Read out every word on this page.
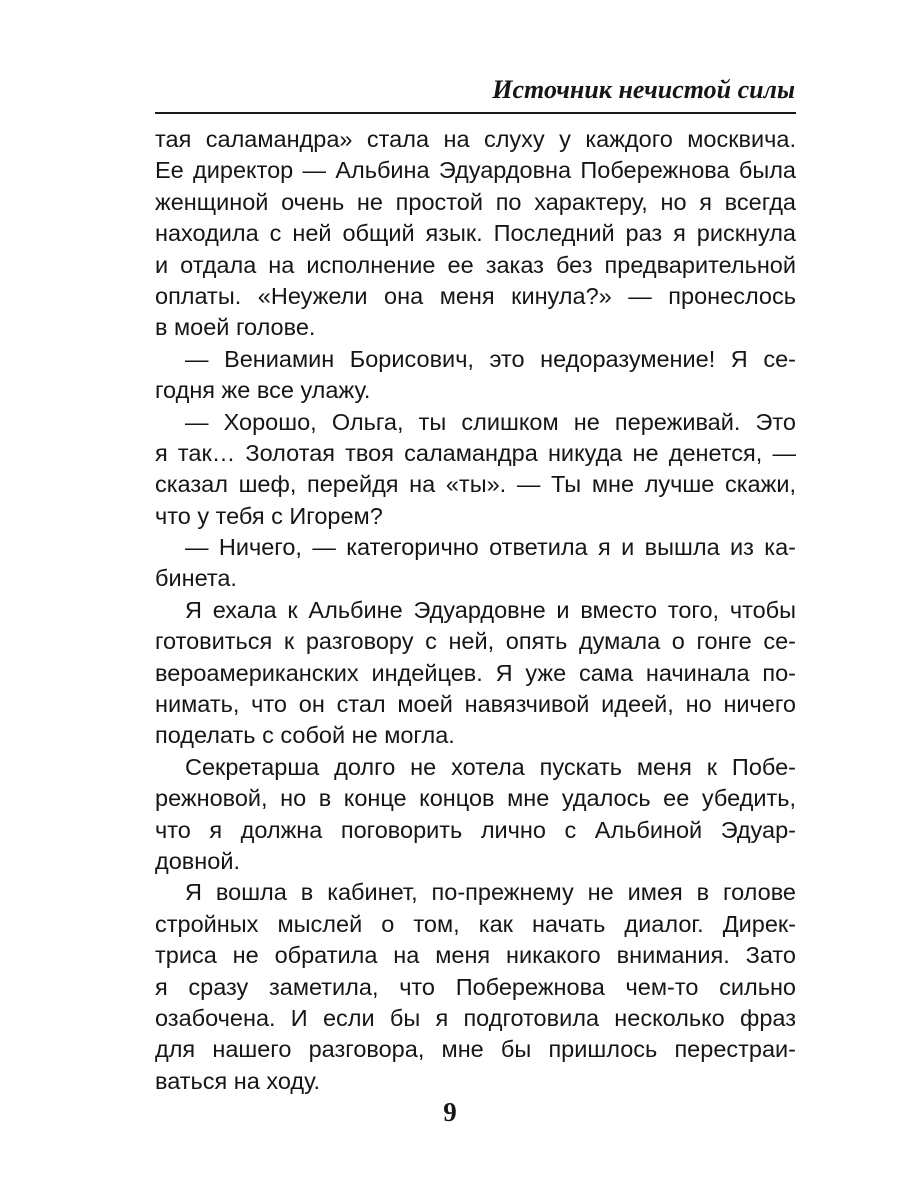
Источник нечистой силы
тая саламандра» стала на слуху у каждого москвича.
Ее директор — Альбина Эдуардовна Побережнова была
женщиной очень не простой по характеру, но я всегда
находила с ней общий язык. Последний раз я рискнула
и отдала на исполнение ее заказ без предварительной
оплаты. «Неужели она меня кинула?» — пронеслось
в моей голове.
— Вениамин Борисович, это недоразумение! Я се-
годня же все улажу.
— Хорошо, Ольга, ты слишком не переживай. Это
я так… Золотая твоя саламандра никуда не денется, —
сказал шеф, перейдя на «ты». — Ты мне лучше скажи,
что у тебя с Игорем?
— Ничего, — категорично ответила я и вышла из ка-
бинета.
Я ехала к Альбине Эдуардовне и вместо того, чтобы
готовиться к разговору с ней, опять думала о гонге се-
вероамериканских индейцев. Я уже сама начинала по-
нимать, что он стал моей навязчивой идеей, но ничего
поделать с собой не могла.
Секретарша долго не хотела пускать меня к Побе-
режновой, но в конце концов мне удалось ее убедить,
что я должна поговорить лично с Альбиной Эдуар-
довной.
Я вошла в кабинет, по-прежнему не имея в голове
стройных мыслей о том, как начать диалог. Дирек-
триса не обратила на меня никакого внимания. Зато
я сразу заметила, что Побережнова чем-то сильно
озабочена. И если бы я подготовила несколько фраз
для нашего разговора, мне бы пришлось перестраи-
ваться на ходу.
9
